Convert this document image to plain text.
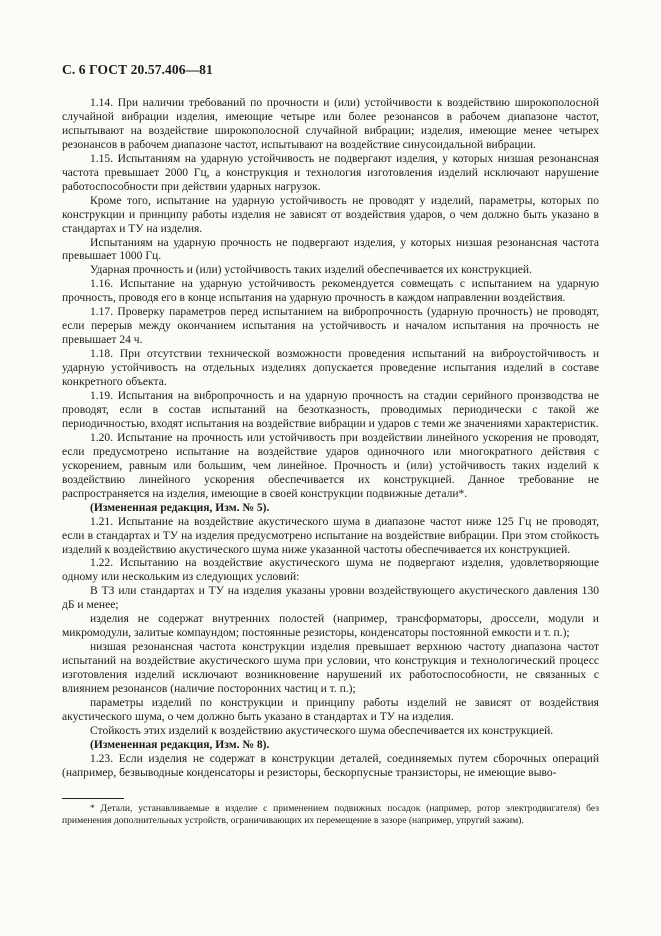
С. 6 ГОСТ 20.57.406—81

1.14. При наличии требований по прочности и (или) устойчивости к воздействию широкополосной случайной вибрации изделия, имеющие четыре или более резонансов в рабочем диапазоне частот, испытывают на воздействие широкополосной случайной вибрации; изделия, имеющие менее четырех резонансов в рабочем диапазоне частот, испытывают на воздействие синусоидальной вибрации.

1.15. Испытаниям на ударную устойчивость не подвергают изделия, у которых низшая резонансная частота превышает 2000 Гц, а конструкция и технология изготовления изделий исключают нарушение работоспособности при действии ударных нагрузок.

Кроме того, испытание на ударную устойчивость не проводят у изделий, параметры, которых по конструкции и принципу работы изделия не зависят от воздействия ударов, о чем должно быть указано в стандартах и ТУ на изделия.

Испытаниям на ударную прочность не подвергают изделия, у которых низшая резонансная частота превышает 1000 Гц.

Ударная прочность и (или) устойчивость таких изделий обеспечивается их конструкцией.

1.16. Испытание на ударную устойчивость рекомендуется совмещать с испытанием на ударную прочность, проводя его в конце испытания на ударную прочность в каждом направлении воздействия.

1.17. Проверку параметров перед испытанием на вибропрочность (ударную прочность) не проводят, если перерыв между окончанием испытания на устойчивость и началом испытания на прочность не превышает 24 ч.

1.18. При отсутствии технической возможности проведения испытаний на виброустойчивость и ударную устойчивость на отдельных изделиях допускается проведение испытания изделий в составе конкретного объекта.

1.19. Испытания на вибропрочность и на ударную прочность на стадии серийного производства не проводят, если в состав испытаний на безотказность, проводимых периодически с такой же периодичностью, входят испытания на воздействие вибрации и ударов с теми же значениями характеристик.

1.20. Испытание на прочность или устойчивость при воздействии линейного ускорения не проводят, если предусмотрено испытание на воздействие ударов одиночного или многократного действия с ускорением, равным или большим, чем линейное. Прочность и (или) устойчивость таких изделий к воздействию линейного ускорения обеспечивается их конструкцией. Данное требование не распространяется на изделия, имеющие в своей конструкции подвижные детали*.

(Измененная редакция, Изм. № 5).

1.21. Испытание на воздействие акустического шума в диапазоне частот ниже 125 Гц не проводят, если в стандартах и ТУ на изделия предусмотрено испытание на воздействие вибрации. При этом стойкость изделий к воздействию акустического шума ниже указанной частоты обеспечивается их конструкцией.

1.22. Испытанию на воздействие акустического шума не подвергают изделия, удовлетворяющие одному или нескольким из следующих условий:

В ТЗ или стандартах и ТУ на изделия указаны уровни воздействующего акустического давления 130 дБ и менее;

изделия не содержат внутренних полостей (например, трансформаторы, дроссели, модули и микромодули, залитые компаундом; постоянные резисторы, конденсаторы постоянной емкости и т. п.);

низшая резонансная частота конструкции изделия превышает верхнюю частоту диапазона частот испытаний на воздействие акустического шума при условии, что конструкция и технологический процесс изготовления изделий исключают возникновение нарушений их работоспособности, не связанных с влиянием резонансов (наличие посторонних частиц и т. п.);

параметры изделий по конструкции и принципу работы изделий не зависят от воздействия акустического шума, о чем должно быть указано в стандартах и ТУ на изделия.

Стойкость этих изделий к воздействию акустического шума обеспечивается их конструкцией.

(Измененная редакция, Изм. № 8).

1.23. Если изделия не содержат в конструкции деталей, соединяемых путем сборочных операций (например, безвыводные конденсаторы и резисторы, бескорпусные транзисторы, не имеющие выво-

* Детали, устанавливаемые в изделие с применением подвижных посадок (например, ротор электродвигателя) без применения дополнительных устройств, ограничивающих их перемещение в зазоре (например, упругий зажим).
